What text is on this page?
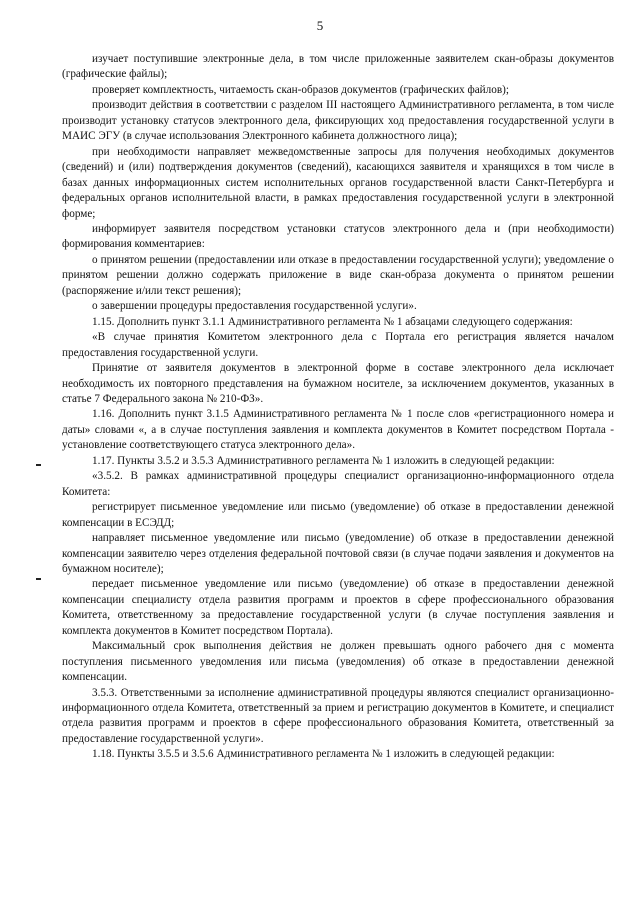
5

изучает поступившие электронные дела, в том числе приложенные заявителем скан-образы документов (графические файлы);

проверяет комплектность, читаемость скан-образов документов (графических файлов);

производит действия в соответствии с разделом III настоящего Административного регламента, в том числе производит установку статусов электронного дела, фиксирующих ход предоставления государственной услуги в МАИС ЭГУ (в случае использования Электронного кабинета должностного лица);

при необходимости направляет межведомственные запросы для получения необходимых документов (сведений) и (или) подтверждения документов (сведений), касающихся заявителя и хранящихся в том числе в базах данных информационных систем исполнительных органов государственной власти Санкт-Петербурга и федеральных органов исполнительной власти, в рамках предоставления государственной услуги в электронной форме;

информирует заявителя посредством установки статусов электронного дела и (при необходимости) формирования комментариев:

о принятом решении (предоставлении или отказе в предоставлении государственной услуги); уведомление о принятом решении должно содержать приложение в виде скан-образа документа о принятом решении (распоряжение и/или текст решения);

о завершении процедуры предоставления государственной услуги».

1.15. Дополнить пункт 3.1.1 Административного регламента № 1 абзацами следующего содержания:

«В случае принятия Комитетом электронного дела с Портала его регистрация является началом предоставления государственной услуги.

Принятие от заявителя документов в электронной форме в составе электронного дела исключает необходимость их повторного представления на бумажном носителе, за исключением документов, указанных в статье 7 Федерального закона № 210-ФЗ».

1.16. Дополнить пункт 3.1.5 Административного регламента № 1 после слов «регистрационного номера и даты» словами «, а в случае поступления заявления и комплекта документов в Комитет посредством Портала - установление соответствующего статуса электронного дела».

1.17. Пункты 3.5.2 и 3.5.3 Административного регламента № 1 изложить в следующей редакции:

«3.5.2. В рамках административной процедуры специалист организационно-информационного отдела Комитета:

регистрирует письменное уведомление или письмо (уведомление) об отказе в предоставлении денежной компенсации в ЕСЭДД;

направляет письменное уведомление или письмо (уведомление) об отказе в предоставлении денежной компенсации заявителю через отделения федеральной почтовой связи (в случае подачи заявления и документов на бумажном носителе);

передает письменное уведомление или письмо (уведомление) об отказе в предоставлении денежной компенсации специалисту отдела развития программ и проектов в сфере профессионального образования Комитета, ответственному за предоставление государственной услуги (в случае поступления заявления и комплекта документов в Комитет посредством Портала).

Максимальный срок выполнения действия не должен превышать одного рабочего дня с момента поступления письменного уведомления или письма (уведомления) об отказе в предоставлении денежной компенсации.

3.5.3. Ответственными за исполнение административной процедуры являются специалист организационно-информационного отдела Комитета, ответственный за прием и регистрацию документов в Комитете, и специалист отдела развития программ и проектов в сфере профессионального образования Комитета, ответственный за предоставление государственной услуги».

1.18. Пункты 3.5.5 и 3.5.6 Административного регламента № 1 изложить в следующей редакции:
